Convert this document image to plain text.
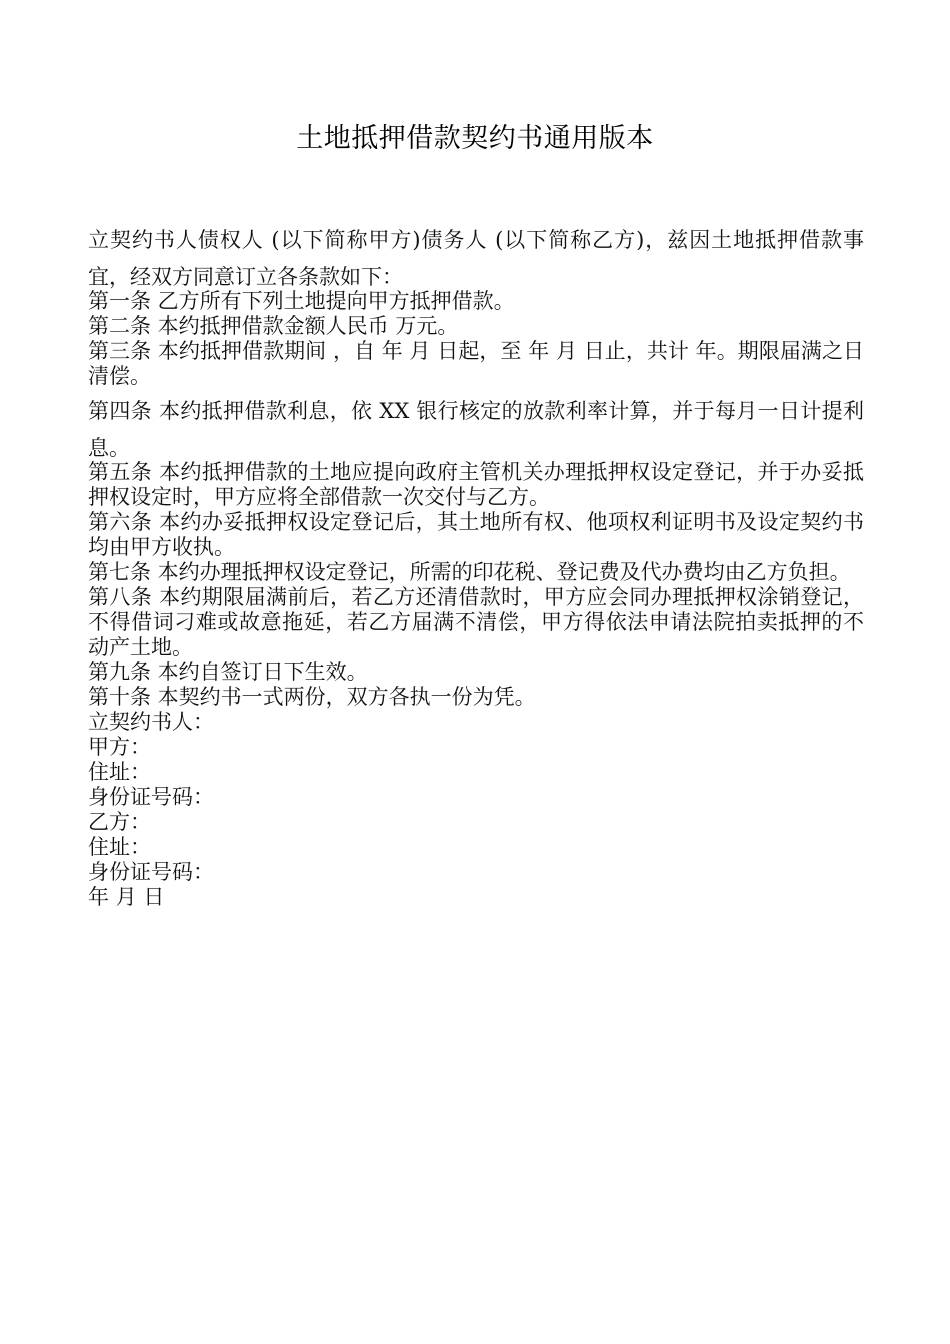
土地抵押借款契约书通用版本

立契约书人债权人 (以下简称甲方)债务人 (以下简称乙方)，兹因土地抵押借款事宜，经双方同意订立各条款如下：

第一条 乙方所有下列土地提向甲方抵押借款。

第二条 本约抵押借款金额人民币 万元。

第三条 本约抵押借款期间 ，自 年 月 日起，至 年 月 日止，共计 年。期限届满之日清偿。

第四条 本约抵押借款利息，依 XX 银行核定的放款利率计算，并于每月一日计提利息。

第五条 本约抵押借款的土地应提向政府主管机关办理抵押权设定登记，并于办妥抵押权设定时，甲方应将全部借款一次交付与乙方。

第六条 本约办妥抵押权设定登记后，其土地所有权、他项权利证明书及设定契约书均由甲方收执。

第七条 本约办理抵押权设定登记，所需的印花税、登记费及代办费均由乙方负担。

第八条 本约期限届满前后，若乙方还清借款时，甲方应会同办理抵押权涂销登记，不得借词刁难或故意拖延，若乙方届满不清偿，甲方得依法申请法院拍卖抵押的不动产土地。

第九条 本约自签订日下生效。

第十条 本契约书一式两份，双方各执一份为凭。

立契约书人：

甲方：

住址：

身份证号码：

乙方：

住址：

身份证号码：

年 月 日
